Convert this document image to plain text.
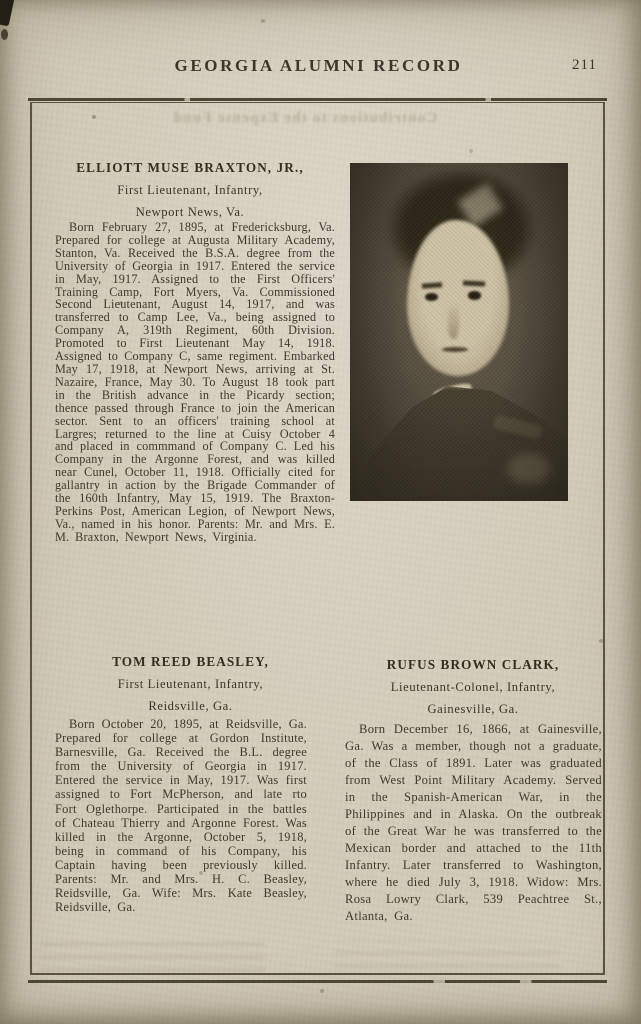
GEORGIA ALUMNI RECORD	211
Contributions to the Expense Fund
ELLIOTT MUSE BRAXTON, JR.,
First Lieutenant, Infantry,
Newport News, Va.
Born February 27, 1895, at Fredericksburg, Va. Prepared for college at Augusta Military Academy, Stanton, Va. Received the B.S.A. degree from the University of Georgia in 1917. Entered the service in May, 1917. Assigned to the First Officers' Training Camp, Fort Myers, Va. Commissioned Second Lieutenant, August 14, 1917, and was transferred to Camp Lee, Va., being assigned to Company A, 319th Regiment, 60th Division. Promoted to First Lieutenant May 14, 1918. Assigned to Company C, same regiment. Embarked May 17, 1918, at Newport News, arriving at St. Nazaire, France, May 30. To August 18 took part in the British advance in the Picardy section; thence passed through France to join the American sector. Sent to an officers' training school at Largres; returned to the line at Cuisy October 4 and placed in commmand of Company C. Led his Company in the Argonne Forest, and was killed near Cunel, October 11, 1918. Officially cited for gallantry in action by the Brigade Commander of the 160th Infantry, May 15, 1919. The Braxton-Perkins Post, American Legion, of Newport News, Va., named in his honor. Parents: Mr. and Mrs. E. M. Braxton, Newport News, Virginia.
TOM REED BEASLEY,
First Lieutenant, Infantry,
Reidsville, Ga.
Born October 20, 1895, at Reidsville, Ga. Prepared for college at Gordon Institute, Barnesville, Ga. Received the B.L. degree from the University of Georgia in 1917. Entered the service in May, 1917. Was first assigned to Fort McPherson, and late rto Fort Oglethorpe. Participated in the battles of Chateau Thierry and Argonne Forest. Was killed in the Argonne, October 5, 1918, being in command of his Company, his Captain having been previously killed. Parents: Mr. and Mrs. H. C. Beasley, Reidsville, Ga. Wife: Mrs. Kate Beasley, Reidsville, Ga.
RUFUS BROWN CLARK,
Lieutenant-Colonel, Infantry,
Gainesville, Ga.
Born December 16, 1866, at Gainesville, Ga. Was a member, though not a graduate, of the Class of 1891. Later was graduated from West Point Military Academy. Served in the Spanish-American War, in the Philippines and in Alaska. On the outbreak of the Great War he was transferred to the Mexican border and attached to the 11th Infantry. Later transferred to Washington, where he died July 3, 1918. Widow: Mrs. Rosa Lowry Clark, 539 Peachtree St., Atlanta, Ga.
